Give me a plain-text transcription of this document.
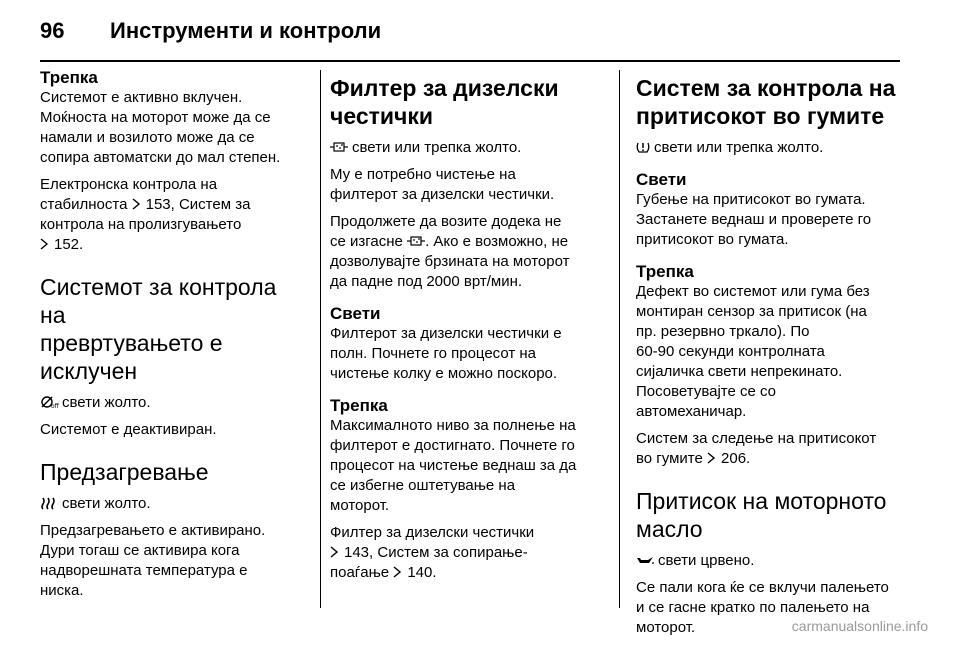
96 Инструменти и контроли
Трепка
Системот е активно вклучен.
Моќноста на моторот може да се
намали и возилото може да се
сопира автоматски до мал степен.
Електронска контрола на
стабилноста 153, Систем за
контрола на пролизгувањето
152.
Системот за контрола на
превртувањето е
исклучен
off свети жолто.
Системот е деактивиран.
Предзагревање
свети жолто.
Предзагревањето е активирано.
Дури тогаш се активира кога
надворешната температура е
ниска.
Филтер за дизелски
честички
свети или трепка жолто.
Му е потребно чистење на
филтерот за дизелски честички.
Продолжете да возите додека не
се изгасне . Ако е возможно, не
дозволувајте брзината на моторот
да падне под 2000 врт/мин.
Свети
Филтерот за дизелски честички е
полн. Почнете го процесот на
чистење колку е можно поскоро.
Трепка
Максималното ниво за полнење на
филтерот е достигнато. Почнете го
процесот на чистење веднаш за да
се избегне оштетување на
моторот.
Филтер за дизелски честички
143, Систем за сопирање-
поаѓање 140.
Систем за контрола на
притисокот во гумите
свети или трепка жолто.
Свети
Губење на притисокот во гумата.
Застанете веднаш и проверете го
притисокот во гумата.
Трепка
Дефект во системот или гума без
монтиран сензор за притисок (на
пр. резервно тркало). По
60-90 секунди контролната
сијаличка свети непрекинато.
Посоветувајте се со
автомеханичар.
Систем за следење на притисокот
во гумите 206.
Притисок на моторното
масло
свети црвено.
Се пали кога ќе се вклучи палењето
и се гасне кратко по палењето на
моторот.	carmanualsonline.info
